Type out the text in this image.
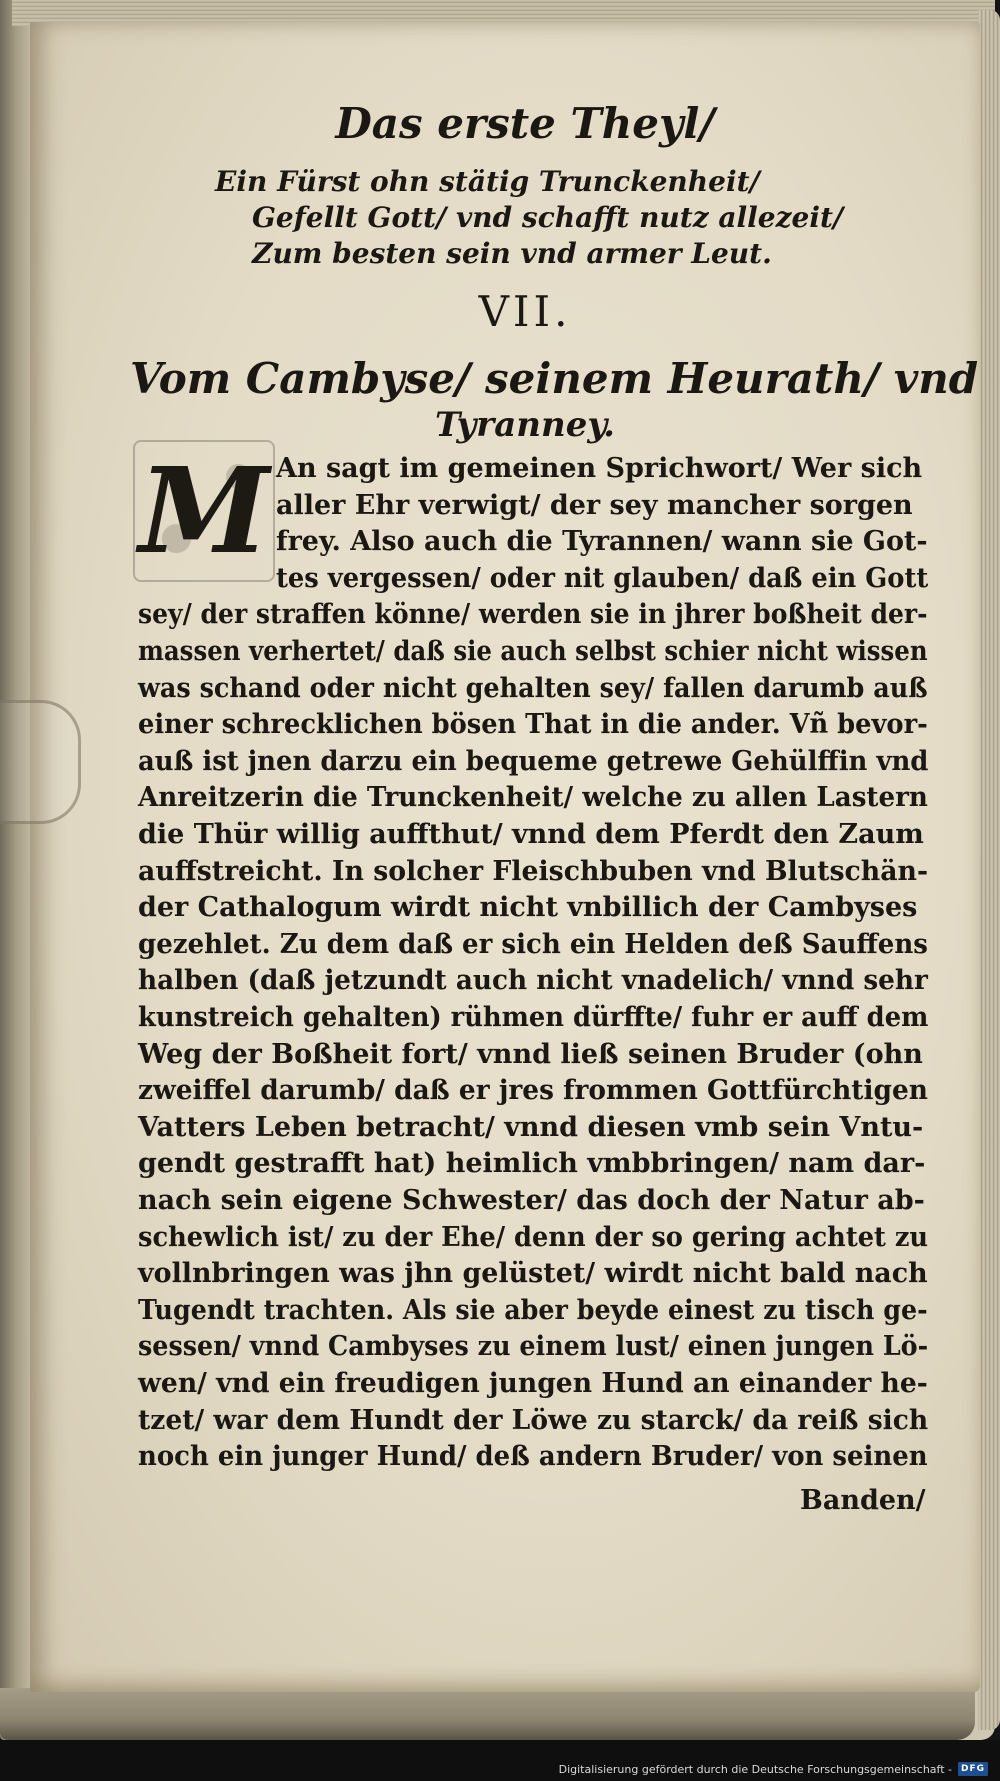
Das erste Theyl/
Ein Fürst ohn stätig Trunckenheit/
Gefellt Gott/ vnd schafft nutz allezeit/
Zum besten sein vnd armer Leut.
VII.
Vom Cambyse/ seinem Heurath/ vnd
Tyranney.
M An sagt im gemeinen Sprichwort/ Wer sich
aller Ehr verwigt/ der sey mancher sorgen
frey. Also auch die Tyrannen/ wann sie Got-
tes vergessen/ oder nit glauben/ daß ein Gott
sey/ der straffen könne/ werden sie in jhrer boßheit der-
massen verhertet/ daß sie auch selbst schier nicht wissen
was schand oder nicht gehalten sey/ fallen darumb auß
einer schrecklichen bösen That in die ander. Vñ bevor-
auß ist jnen darzu ein bequeme getrewe Gehülffin vnd
Anreitzerin die Trunckenheit/ welche zu allen Lastern
die Thür willig auffthut/ vnnd dem Pferdt den Zaum
auffstreicht. In solcher Fleischbuben vnd Blutschän-
der Cathalogum wirdt nicht vnbillich der Cambyses
gezehlet. Zu dem daß er sich ein Helden deß Sauffens
halben (daß jetzundt auch nicht vnadelich/ vnnd sehr
kunstreich gehalten) rühmen dürffte/ fuhr er auff dem
Weg der Boßheit fort/ vnnd ließ seinen Bruder (ohn
zweiffel darumb/ daß er jres frommen Gottfürchtigen
Vatters Leben betracht/ vnnd diesen vmb sein Vntu-
gendt gestrafft hat) heimlich vmbbringen/ nam dar-
nach sein eigene Schwester/ das doch der Natur ab-
schewlich ist/ zu der Ehe/ denn der so gering achtet zu
vollnbringen was jhn gelüstet/ wirdt nicht bald nach
Tugendt trachten. Als sie aber beyde einest zu tisch ge-
sessen/ vnnd Cambyses zu einem lust/ einen jungen Lö-
wen/ vnd ein freudigen jungen Hund an einander he-
tzet/ war dem Hundt der Löwe zu starck/ da reiß sich
noch ein junger Hund/ deß andern Bruder/ von seinen
Banden/
Digitalisierung gefördert durch die Deutsche Forschungsgemeinschaft - DFG
